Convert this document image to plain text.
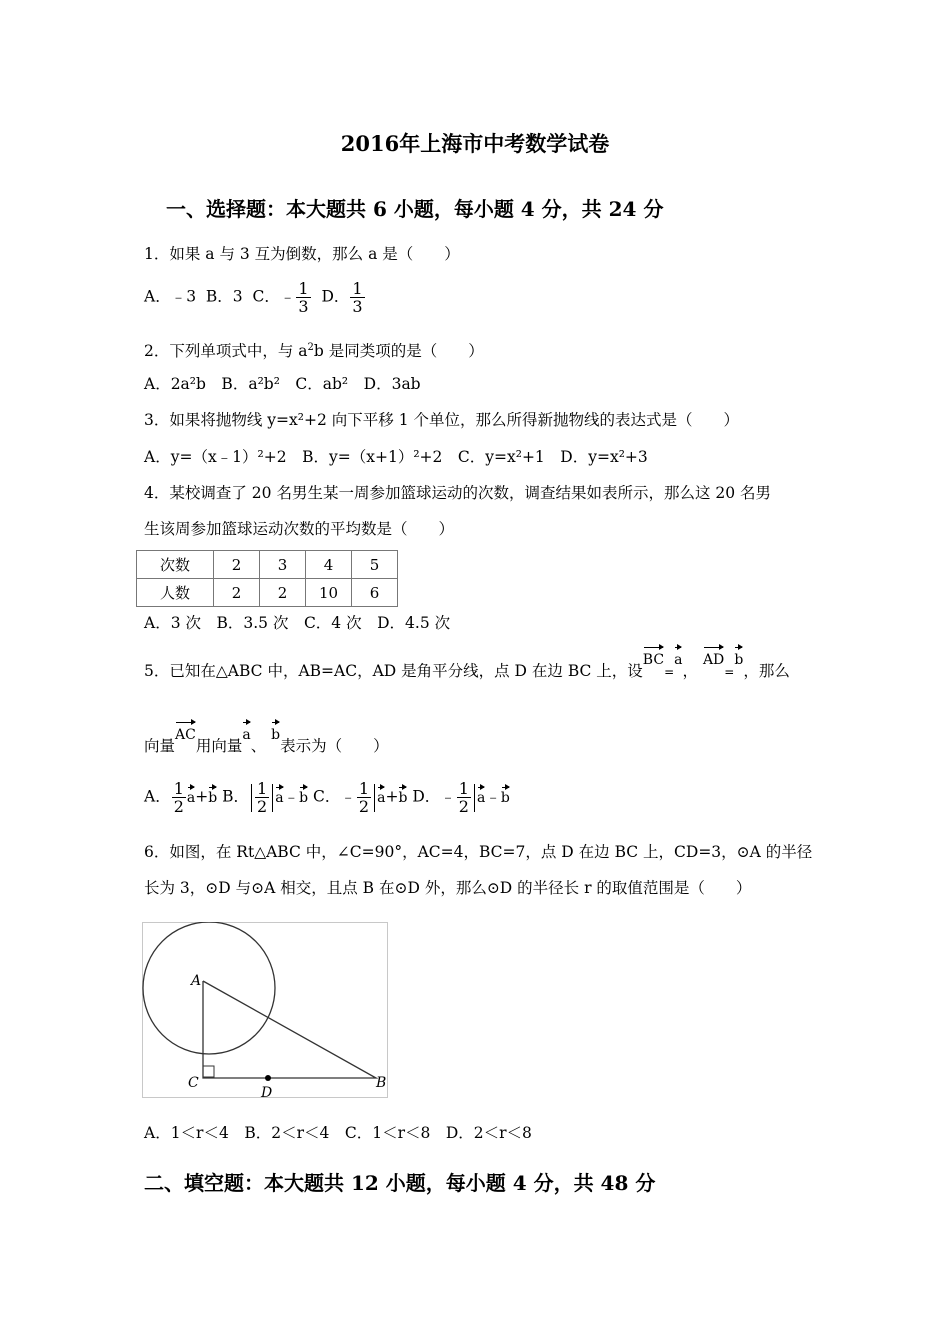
2016年上海市中考数学试卷
一、选择题：本大题共 6 小题，每小题 4 分，共 24 分
1．如果 a 与 3 互为倒数，那么 a 是（　　）
A．﹣3 B．3 C．﹣ $\frac{1}{3}$ D． $\frac{1}{3}$
2．下列单项式中，与 $a^2b$ 是同类项的是（　　）
A．2a²b　B．a²b²　C．ab²　D．3ab
3．如果将抛物线 y=x²+2 向下平移 1 个单位，那么所得新抛物线的表达式是（　　）
A．y=（x﹣1）²+2　B．y=（x+1）²+2　C．y=x²+1　D．y=x²+3
4．某校调查了 20 名男生某一周参加篮球运动的次数，调查结果如表所示，那么这 20 名男
生该周参加篮球运动次数的平均数是（　　）
次数	2	3	4	5
人数	2	2	10	6
A．3 次　B．3.5 次　C．4 次　D．4.5 次
5．已知在△ABC 中，AB=AC，AD 是角平分线，点 D 在边 BC 上，设BC=a， AD=b，那么
向量AC用向量a、 b表示为（　　）
A． $\frac{1}{2} a+b$ B． $\frac{1}{2}$ a﹣b C．﹣ $\frac{1}{2} a+b$ D．﹣ $\frac{1}{2}$ a﹣b
6．如图，在 Rt△ABC 中，∠C=90°，AC=4，BC=7，点 D 在边 BC 上，CD=3，⊙A 的半径
长为 3，⊙D 与⊙A 相交，且点 B 在⊙D 外，那么⊙D 的半径长 r 的取值范围是（　　）
A
C
D
B
A．1＜r＜4　B．2＜r＜4　C．1＜r＜8　D．2＜r＜8
二、填空题：本大题共 12 小题，每小题 4 分，共 48 分
